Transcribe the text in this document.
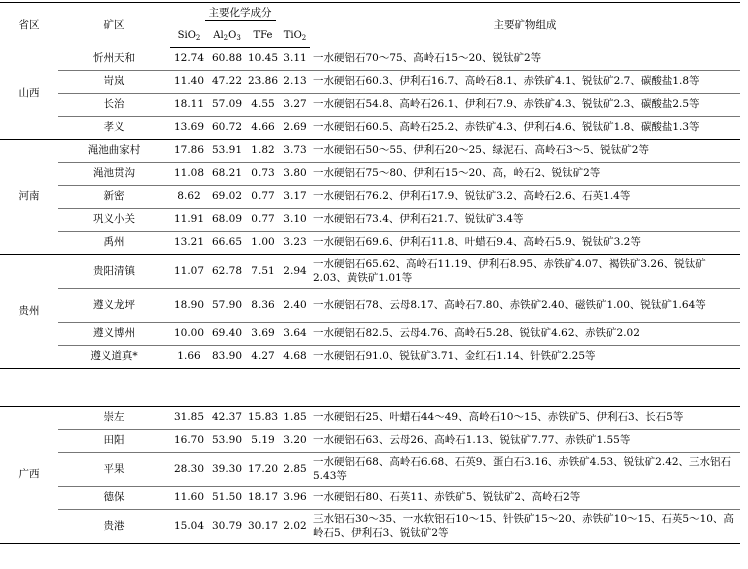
省区	矿区	主要化学成分				主要矿物组成
		SiO$_2$	$Al_2O_3$	TFe	TiO$_2$
山西	忻州天和	12.74	60.88	10.45	3.11	一水硬铝石70～75、高岭石15～20、锐钛矿2等
	岢岚	11.40	47.22	23.86	2.13	一水硬铝石60.3、伊利石16.7、高岭石8.1、赤铁矿4.1、锐钛矿2.7、碳酸盐1.8等
	长治	18.11	57.09	4.55	3.27	一水硬铝石54.8、高岭石26.1、伊利石7.9、赤铁矿4.3、锐钛矿2.3、碳酸盐2.5等
	孝义	13.69	60.72	4.66	2.69	一水硬铝石60.5、高岭石25.2、赤铁矿4.3、伊利石4.6、锐钛矿1.8、碳酸盐1.3等
河南	渑池曲家村	17.86	53.91	1.82	3.73	一水硬铝石50～55、伊利石20～25、绿泥石、高岭石3～5、锐钛矿2等
	渑池贯沟	11.08	68.21	0.73	3.80	一水硬铝石75～80、伊利石15～20、高，岭石2、锐钛矿2等
	新密	8.62	69.02	0.77	3.17	一水硬铝石76.2、伊利石17.9、锐钛矿3.2、高岭石2.6、石英1.4等
	巩义小关	11.91	68.09	0.77	3.10	一水硬铝石73.4、伊利石21.7、锐钛矿3.4等
	禹州	13.21	66.65	1.00	3.23	一水硬铝石69.6、伊利石11.8、叶蜡石9.4、高岭石5.9、锐钛矿3.2等
贵州	贵阳清镇	11.07	62.78	7.51	2.94	一水硬铝石65.62、高岭石11.19、伊利石8.95、赤铁矿4.07、褐铁矿3.26、锐钛矿2.03、黄铁矿1.01等
	遵义龙坪	18.90	57.90	8.36	2.40	一水硬铝石78、云母8.17、高岭石7.80、赤铁矿2.40、磁铁矿1.00、锐钛矿1.64等
	遵义博州	10.00	69.40	3.69	3.64	一水硬铝石82.5、云母4.76、高岭石5.28、锐钛矿4.62、赤铁矿2.02
	遵义道真*	1.66	83.90	4.27	4.68	一水硬铝石91.0、锐钛矿3.71、金红石1.14、针铁矿2.25等
广西	崇左	31.85	42.37	15.83	1.85	一水硬铝石25、叶蜡石44～49、高岭石10～15、赤铁矿5、伊利石3、长石5等
	田阳	16.70	53.90	5.19	3.20	一水硬铝石63、云母26、高岭石1.13、锐钛矿7.77、赤铁矿1.55等
	平果	28.30	39.30	17.20	2.85	一水硬铝石68、高岭石6.68、石英9、蛋白石3.16、赤铁矿4.53、锐钛矿2.42、三水铝石5.43等
	德保	11.60	51.50	18.17	3.96	一水硬铝石80、石英11、赤铁矿5、锐钛矿2、高岭石2等
	贵港	15.04	30.79	30.17	2.02	三水铝石30～35、一水软铝石10～15、针铁矿15～20、赤铁矿10～15、石英5～10、高岭石5、伊利石3、锐钛矿2等
